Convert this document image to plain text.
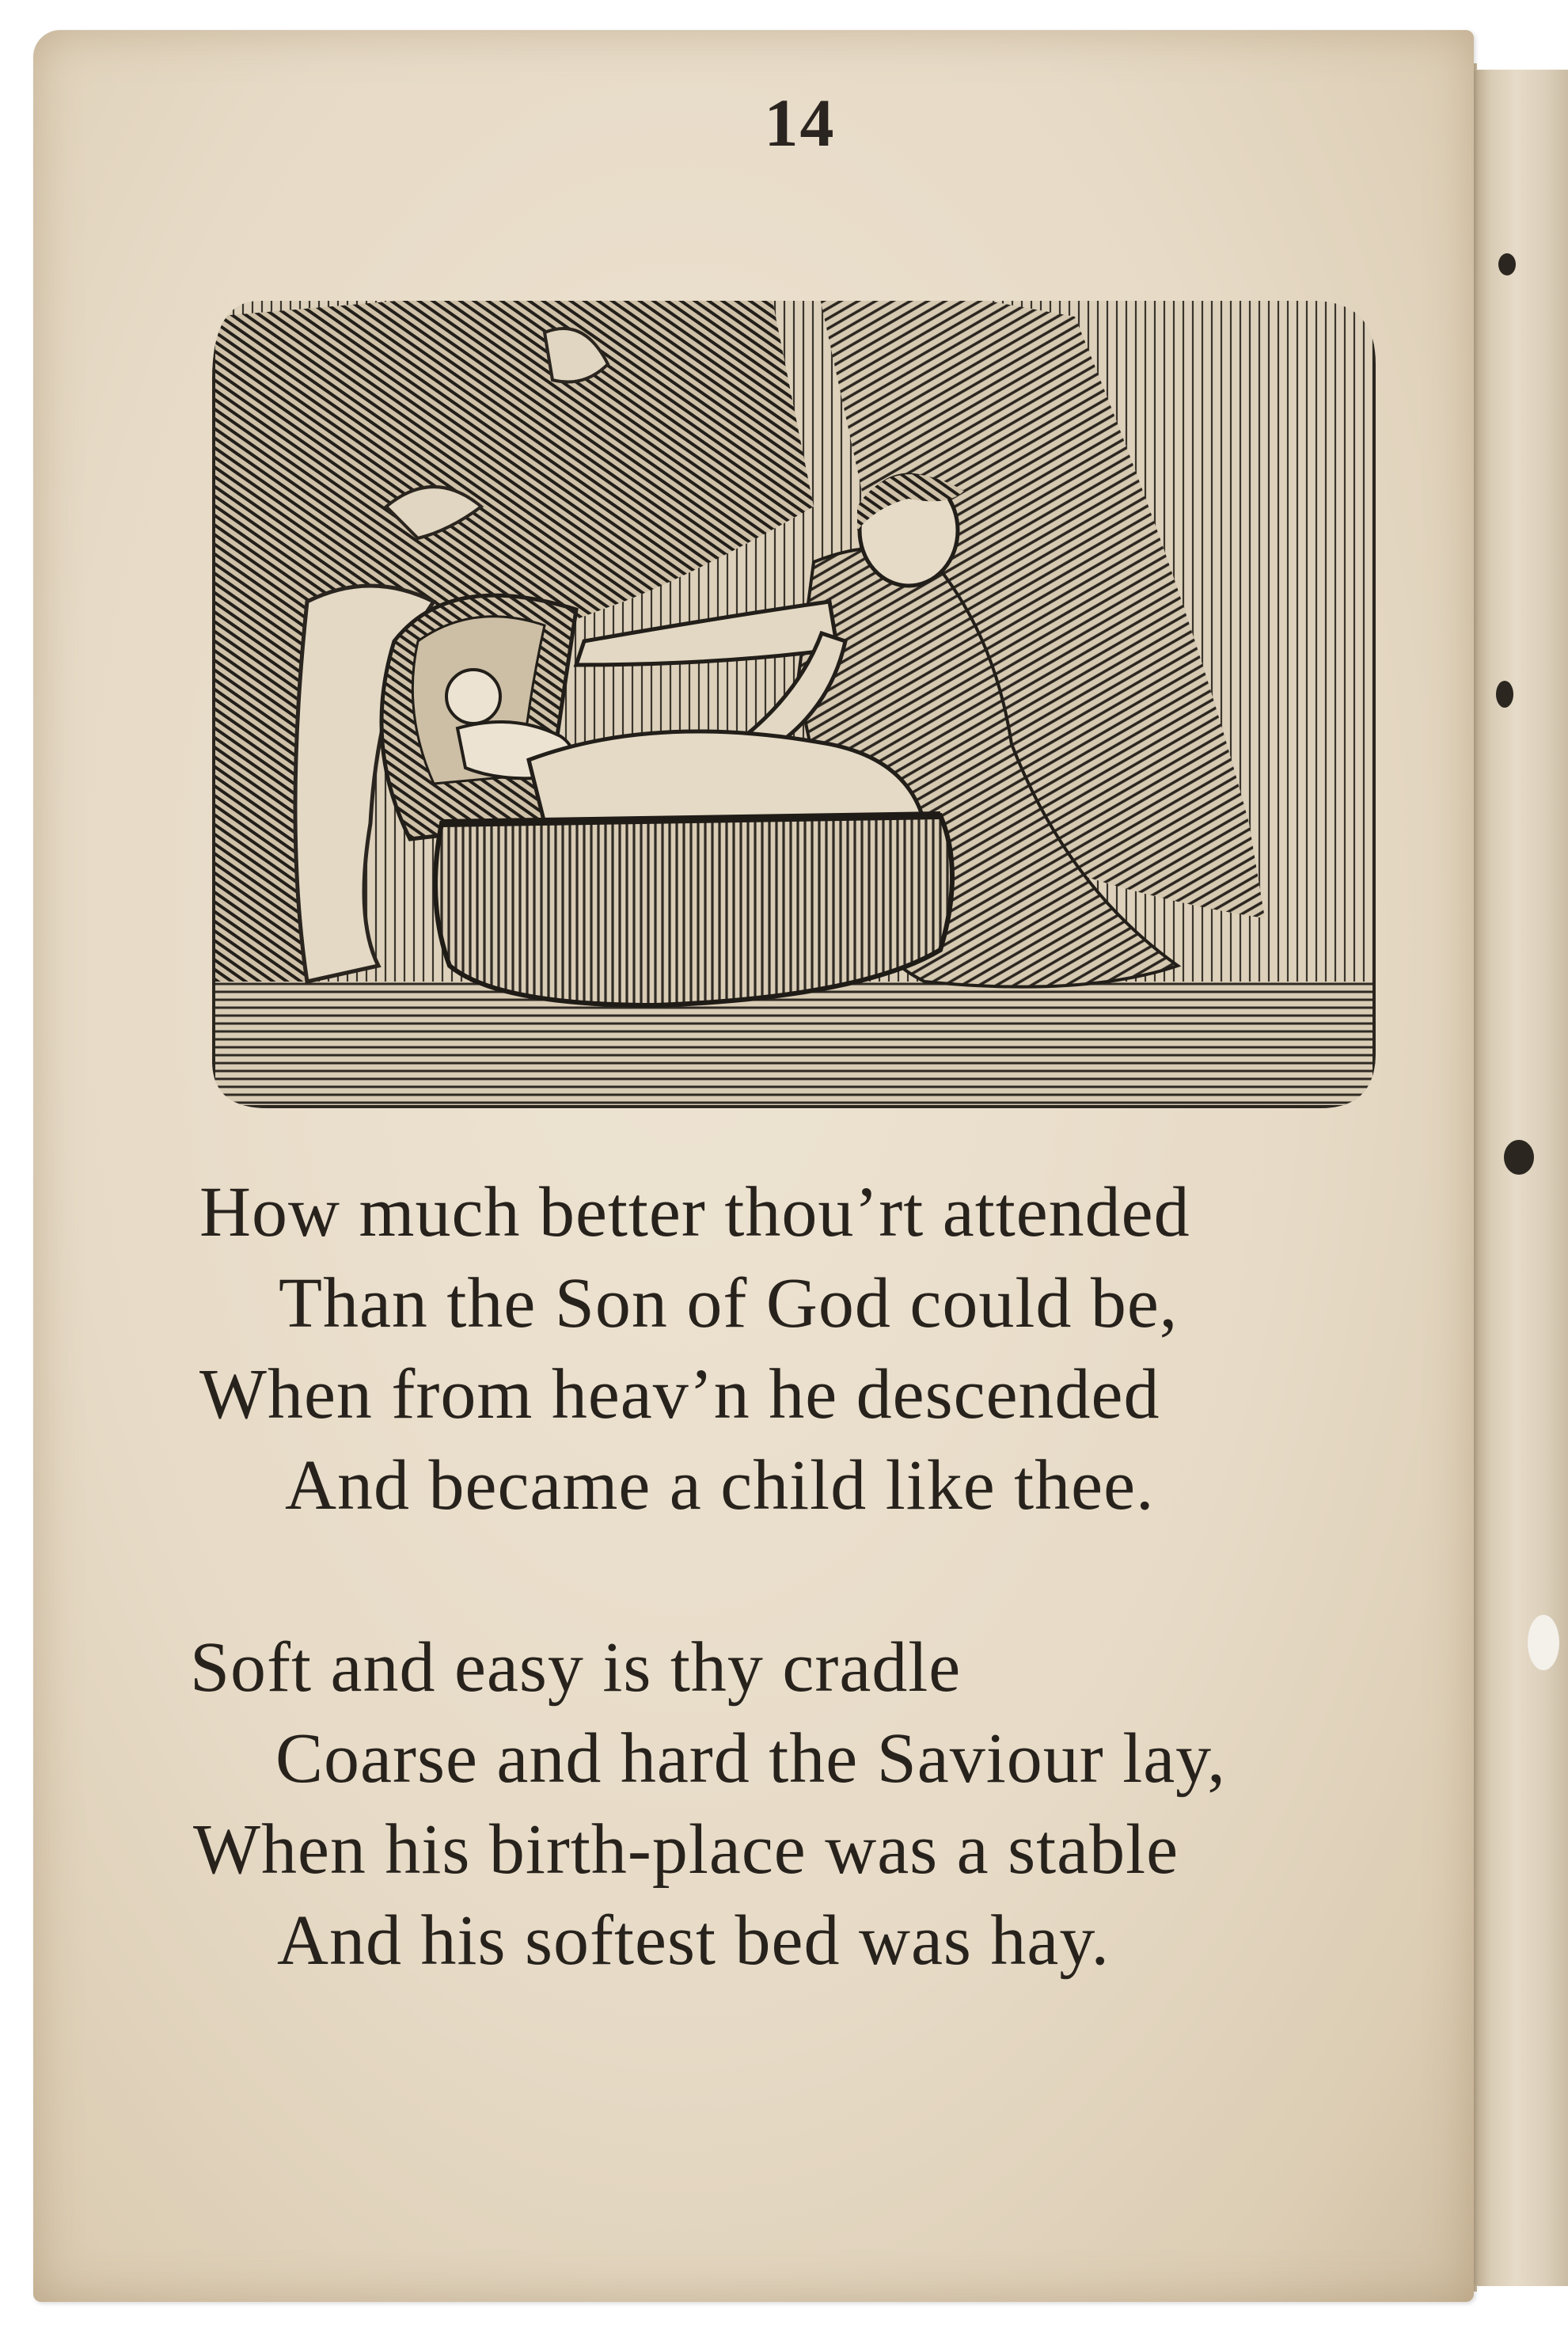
14
How much better thou’rt attended
Than the Son of God could be,
When from heav’n he descended
And became a child like thee.
Soft and easy is thy cradle
Coarse and hard the Saviour lay,
When his birth-place was a stable
And his softest bed was hay.
